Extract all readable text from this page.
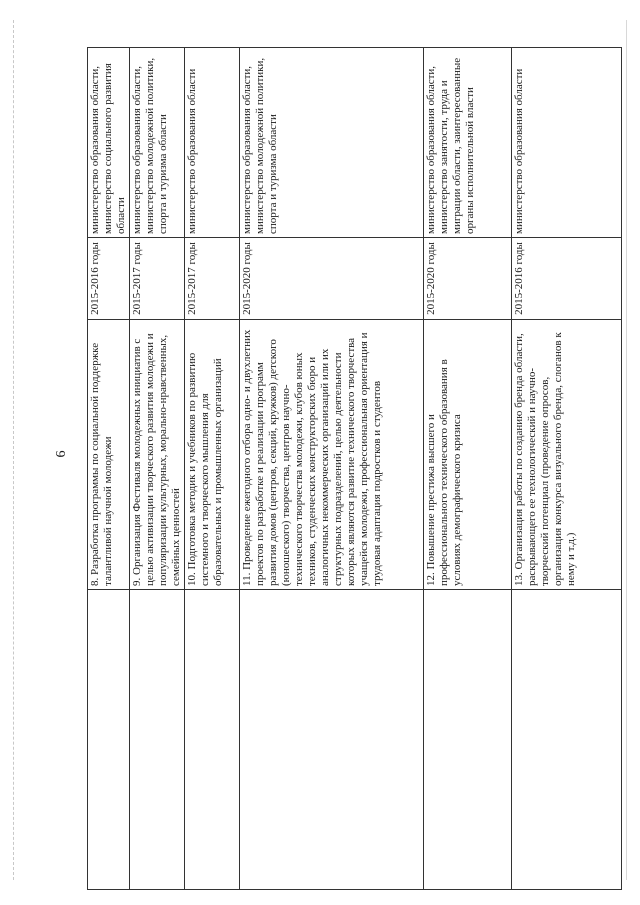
6
	8. Разработка программы по социальной поддержке талантливой научной молодежи	2015-2016 годы	министерство образования области, министерство социального развития области
	9. Организация Фестиваля молодежных инициатив с целью активизации творческого развития молодежи и популяризации культурных, морально-нравственных, семейных ценностей	2015-2017 годы	министерство образования области, министерство молодежной политики, спорта и туризма области
	10. Подготовка методик и учебников по развитию системного и творческого мышления для образовательных и промышленных организаций	2015-2017 годы	министерство образования области
	11. Проведение ежегодного отбора одно- и двухлетних проектов по разработке и реализации программ развития домов (центров, секций, кружков) детского (юношеского) творчества, центров научно-технического творчества молодежи, клубов юных техников, студенческих конструкторских бюро и аналогичных некоммерческих организаций или их структурных подразделений, целью деятельности которых являются развитие технического творчества учащейся молодежи, профессиональная ориентация и трудовая адаптация подростков и студентов	2015-2020 годы	министерство образования области, министерство молодежной политики, спорта и туризма области
	12. Повышение престижа высшего и профессионального технического образования в условиях демографического кризиса	2015-2020 годы	министерство образования области, министерство занятости, труда и миграции области, заинтересованные органы исполнительной власти
	13. Организация работы по созданию бренда области, раскрывающего ее технологический и научно-творческий потенциал (проведение опросов, организация конкурса визуального бренда, слоганов к нему и т.д.)	2015-2016 годы	министерство образования области
